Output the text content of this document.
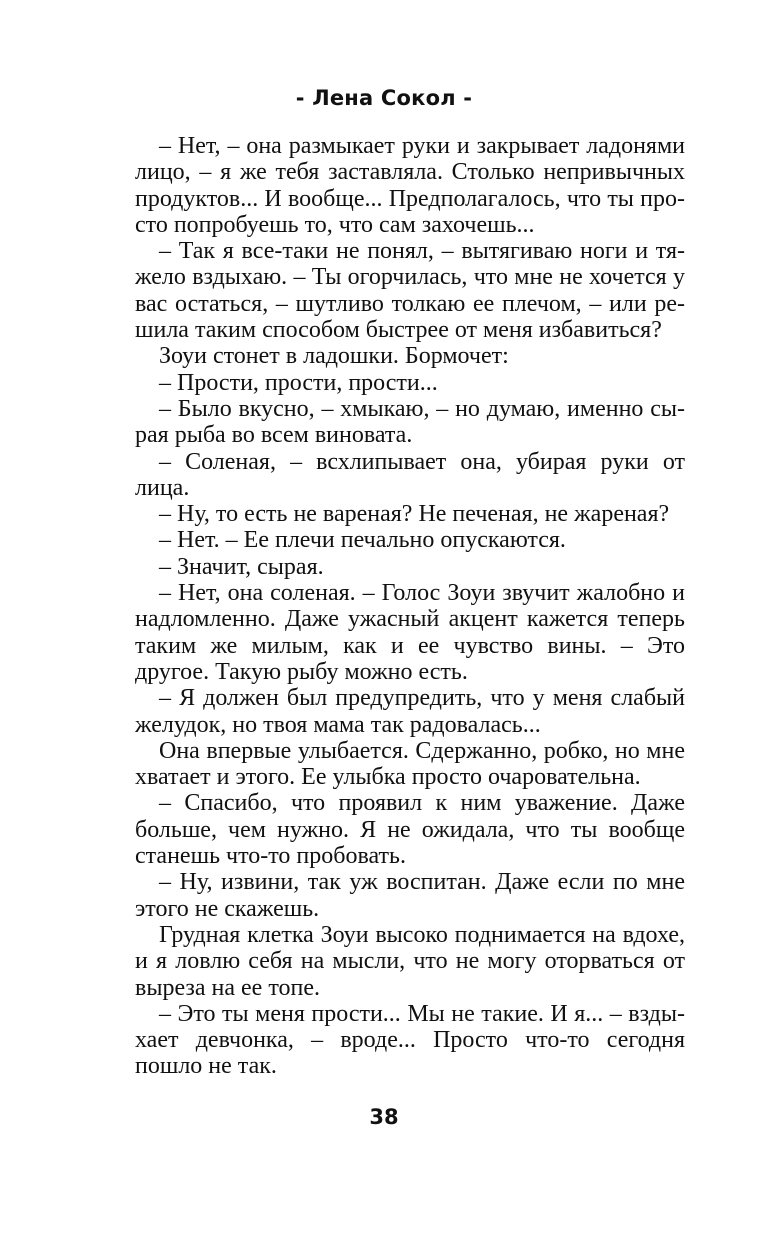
- Лена Сокол -

– Нет, – она размыкает руки и закрывает ладонями лицо, – я же тебя заставляла. Столько непривычных продуктов... И вообще... Предполагалось, что ты просто попробуешь то, что сам захочешь...

– Так я все-таки не понял, – вытягиваю ноги и тяжело вздыхаю. – Ты огорчилась, что мне не хочется у вас остаться, – шутливо толкаю ее плечом, – или решила таким способом быстрее от меня избавиться?

Зоуи стонет в ладошки. Бормочет:

– Прости, прости, прости...

– Было вкусно, – хмыкаю, – но думаю, именно сырая рыба во всем виновата.

– Соленая, – всхлипывает она, убирая руки от лица.

– Ну, то есть не вареная? Не печеная, не жареная?

– Нет. – Ее плечи печально опускаются.

– Значит, сырая.

– Нет, она соленая. – Голос Зоуи звучит жалобно и надломленно. Даже ужасный акцент кажется теперь таким же милым, как и ее чувство вины. – Это другое. Такую рыбу можно есть.

– Я должен был предупредить, что у меня слабый желудок, но твоя мама так радовалась...

Она впервые улыбается. Сдержанно, робко, но мне хватает и этого. Ее улыбка просто очаровательна.

– Спасибо, что проявил к ним уважение. Даже больше, чем нужно. Я не ожидала, что ты вообще станешь что-то пробовать.

– Ну, извини, так уж воспитан. Даже если по мне этого не скажешь.

Грудная клетка Зоуи высоко поднимается на вдохе, и я ловлю себя на мысли, что не могу оторваться от выреза на ее топе.

– Это ты меня прости... Мы не такие. И я... – вздыхает девчонка, – вроде... Просто что-то сегодня пошло не так.

38
